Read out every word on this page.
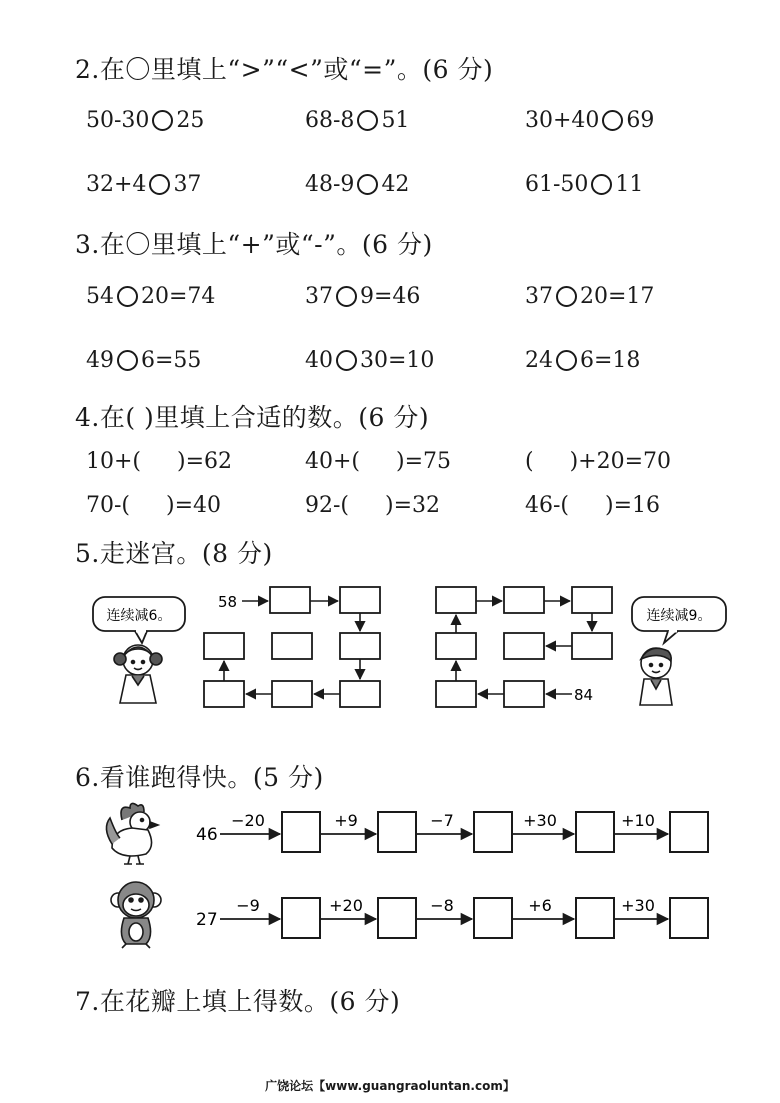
2.在〇里填上“>”“<”或“=”。(6 分)
50-30 25	68-8 51	30+40 69
32+4 37	48-9 42	61-50 11
3.在〇里填上“+”或“-”。(6 分)
54 20=74	37 9=46	37 20=17
49 6=55	40 30=10	24 6=18
4.在( )里填上合适的数。(6 分)
10+( )=62	40+( )=75	( )+20=70
70-( )=40	92-( )=32	46-( )=16
5.走迷宫。(8 分)
连续减6。
58
84
连续减9。
6.看谁跑得快。(5 分)
46
−20	+9	−7	+30	+10
27
−9	+20	−8	+6	+30
7.在花瓣上填上得数。(6 分)
广饶论坛【www.guangraoluntan.com】
